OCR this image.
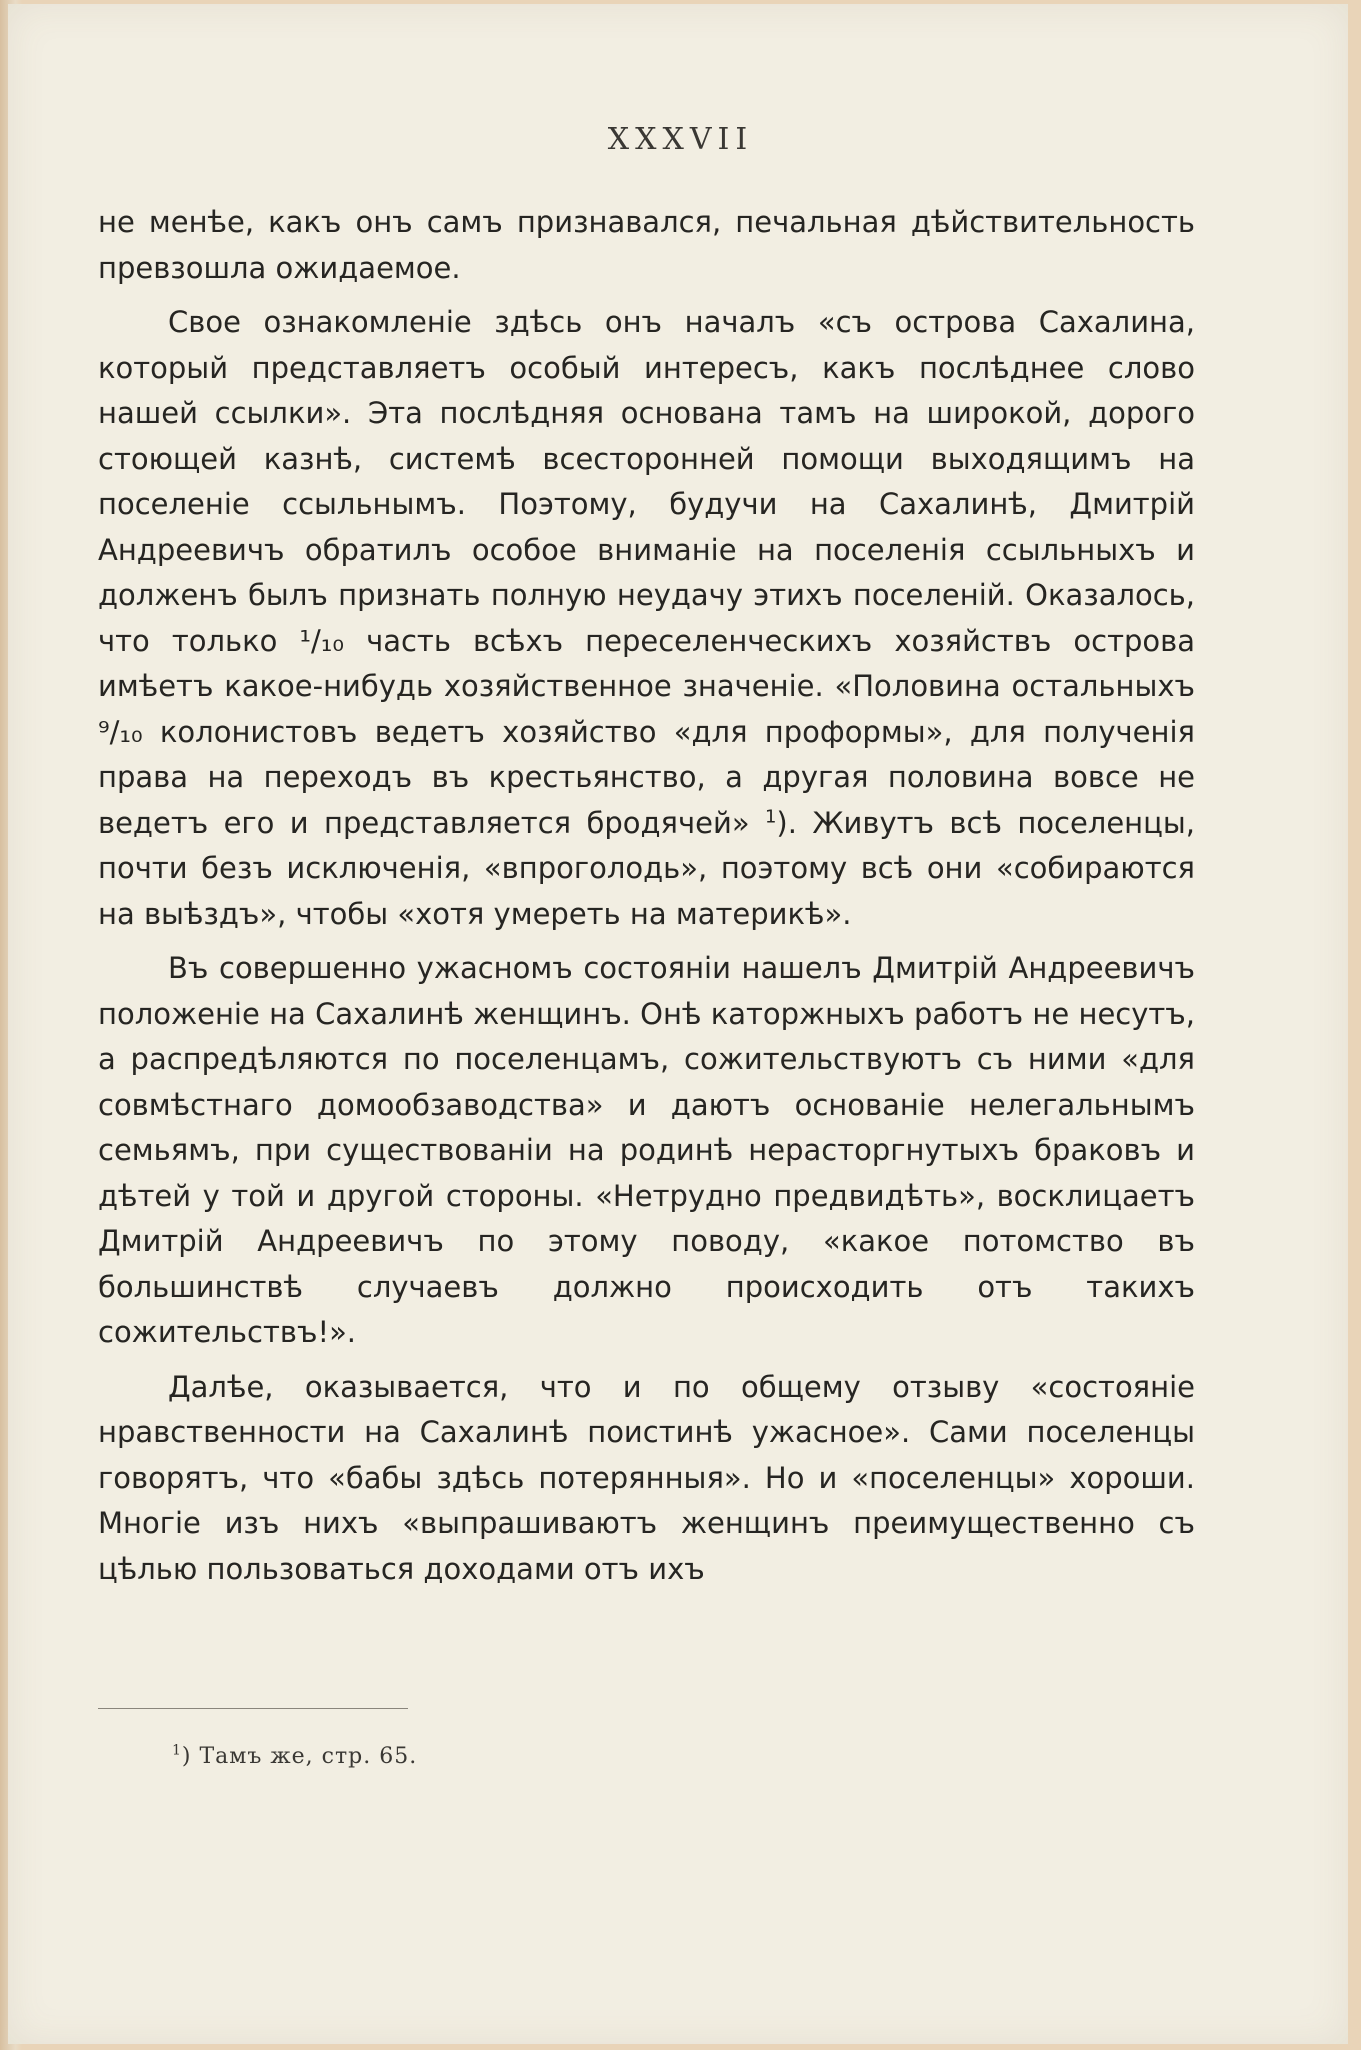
XXXVII

не менѣе, какъ онъ самъ признавался, печальная дѣйствительность превзошла ожидаемое.

Свое ознакомленіе здѣсь онъ началъ «съ острова Сахалина, который представляетъ особый интересъ, какъ послѣднее слово нашей ссылки». Эта послѣдняя основана тамъ на широкой, дорого стоющей казнѣ, системѣ всесторонней помощи выходящимъ на поселеніе ссыльнымъ. Поэтому, будучи на Сахалинѣ, Дмитрій Андреевичъ обратилъ особое вниманіе на поселенія ссыльныхъ и долженъ былъ признать полную неудачу этихъ поселеній. Оказалось, что только ¹/₁₀ часть всѣхъ переселенческихъ хозяйствъ острова имѣетъ какое-нибудь хозяйственное значеніе. «Половина остальныхъ ⁹/₁₀ колонистовъ ведетъ хозяйство «для проформы», для полученія права на переходъ въ крестьянство, а другая половина вовсе не ведетъ его и представляется бродячей» $^1$). Живутъ всѣ поселенцы, почти безъ исключенія, «впроголодь», поэтому всѣ они «собираются на выѣздъ», чтобы «хотя умереть на материкѣ».

Въ совершенно ужасномъ состояніи нашелъ Дмитрій Андреевичъ положеніе на Сахалинѣ женщинъ. Онѣ каторжныхъ работъ не несутъ, а распредѣляются по поселенцамъ, сожительствуютъ съ ними «для совмѣстнаго домообзаводства» и даютъ основаніе нелегальнымъ семьямъ, при существованіи на родинѣ нерасторгнутыхъ браковъ и дѣтей у той и другой стороны. «Нетрудно предвидѣть», восклицаетъ Дмитрій Андреевичъ по этому поводу, «какое потомство въ большинствѣ случаевъ должно происходить отъ такихъ сожительствъ!».

Далѣе, оказывается, что и по общему отзыву «состояніе нравственности на Сахалинѣ поистинѣ ужасное». Сами поселенцы говорятъ, что «бабы здѣсь потерянныя». Но и «поселенцы» хороши. Многіе изъ нихъ «выпрашиваютъ женщинъ преимущественно съ цѣлью пользоваться доходами отъ ихъ

$^1$) Тамъ же, стр. 65.
